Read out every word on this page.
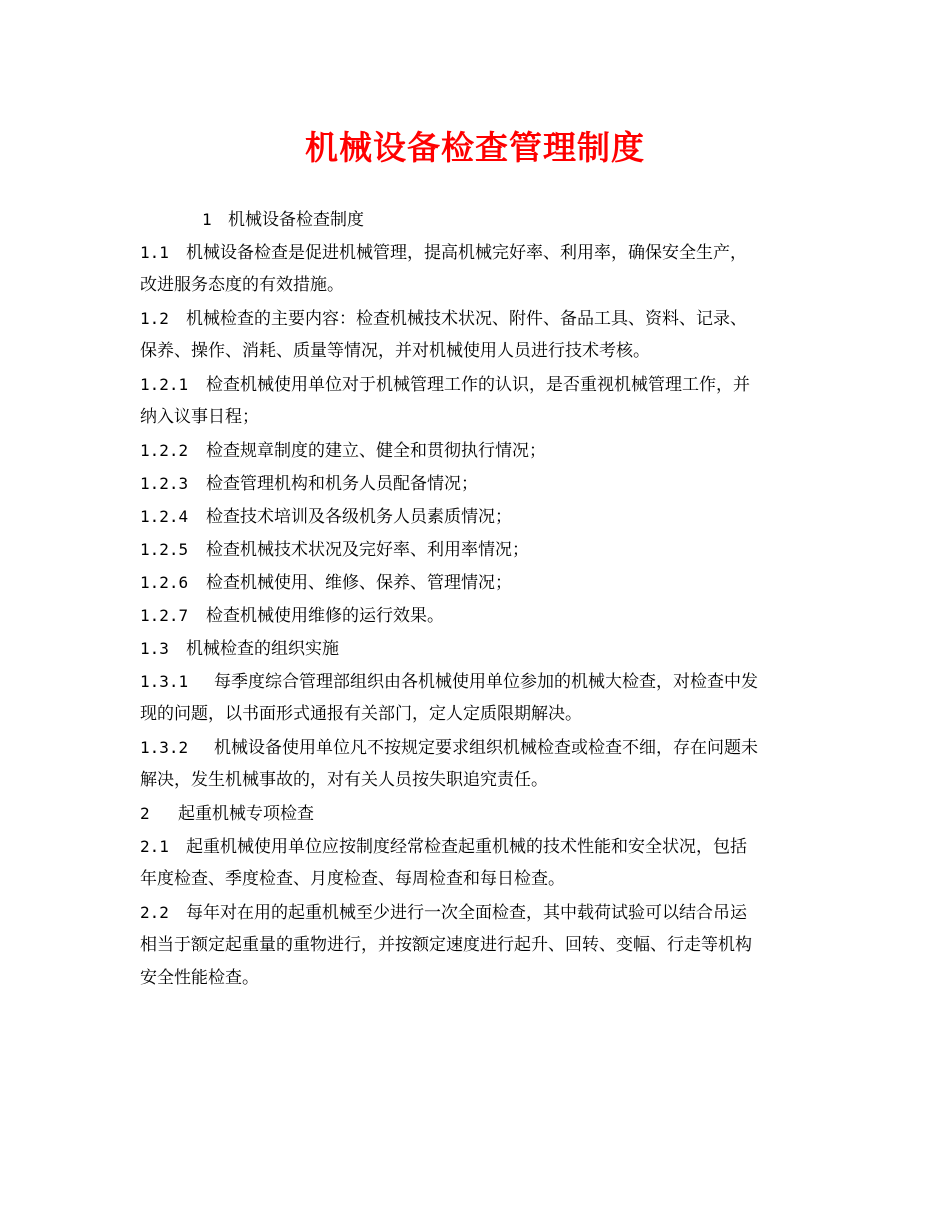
机械设备检查管理制度
1 机械设备检查制度
1.1 机械设备检查是促进机械管理，提高机械完好率、利用率，确保安全生产，
改进服务态度的有效措施。
1.2 机械检查的主要内容：检查机械技术状况、附件、备品工具、资料、记录、
保养、操作、消耗、质量等情况，并对机械使用人员进行技术考核。
1.2.1 检查机械使用单位对于机械管理工作的认识，是否重视机械管理工作，并
纳入议事日程；
1.2.2 检查规章制度的建立、健全和贯彻执行情况；
1.2.3 检查管理机构和机务人员配备情况；
1.2.4 检查技术培训及各级机务人员素质情况；
1.2.5 检查机械技术状况及完好率、利用率情况；
1.2.6 检查机械使用、维修、保养、管理情况；
1.2.7 检查机械使用维修的运行效果。
1.3 机械检查的组织实施
1.3.1 每季度综合管理部组织由各机械使用单位参加的机械大检查，对检查中发
现的问题，以书面形式通报有关部门，定人定质限期解决。
1.3.2 机械设备使用单位凡不按规定要求组织机械检查或检查不细，存在问题未
解决，发生机械事故的，对有关人员按失职追究责任。
2 起重机械专项检查
2.1 起重机械使用单位应按制度经常检查起重机械的技术性能和安全状况，包括
年度检查、季度检查、月度检查、每周检查和每日检查。
2.2 每年对在用的起重机械至少进行一次全面检查，其中载荷试验可以结合吊运
相当于额定起重量的重物进行，并按额定速度进行起升、回转、变幅、行走等机构
安全性能检查。
